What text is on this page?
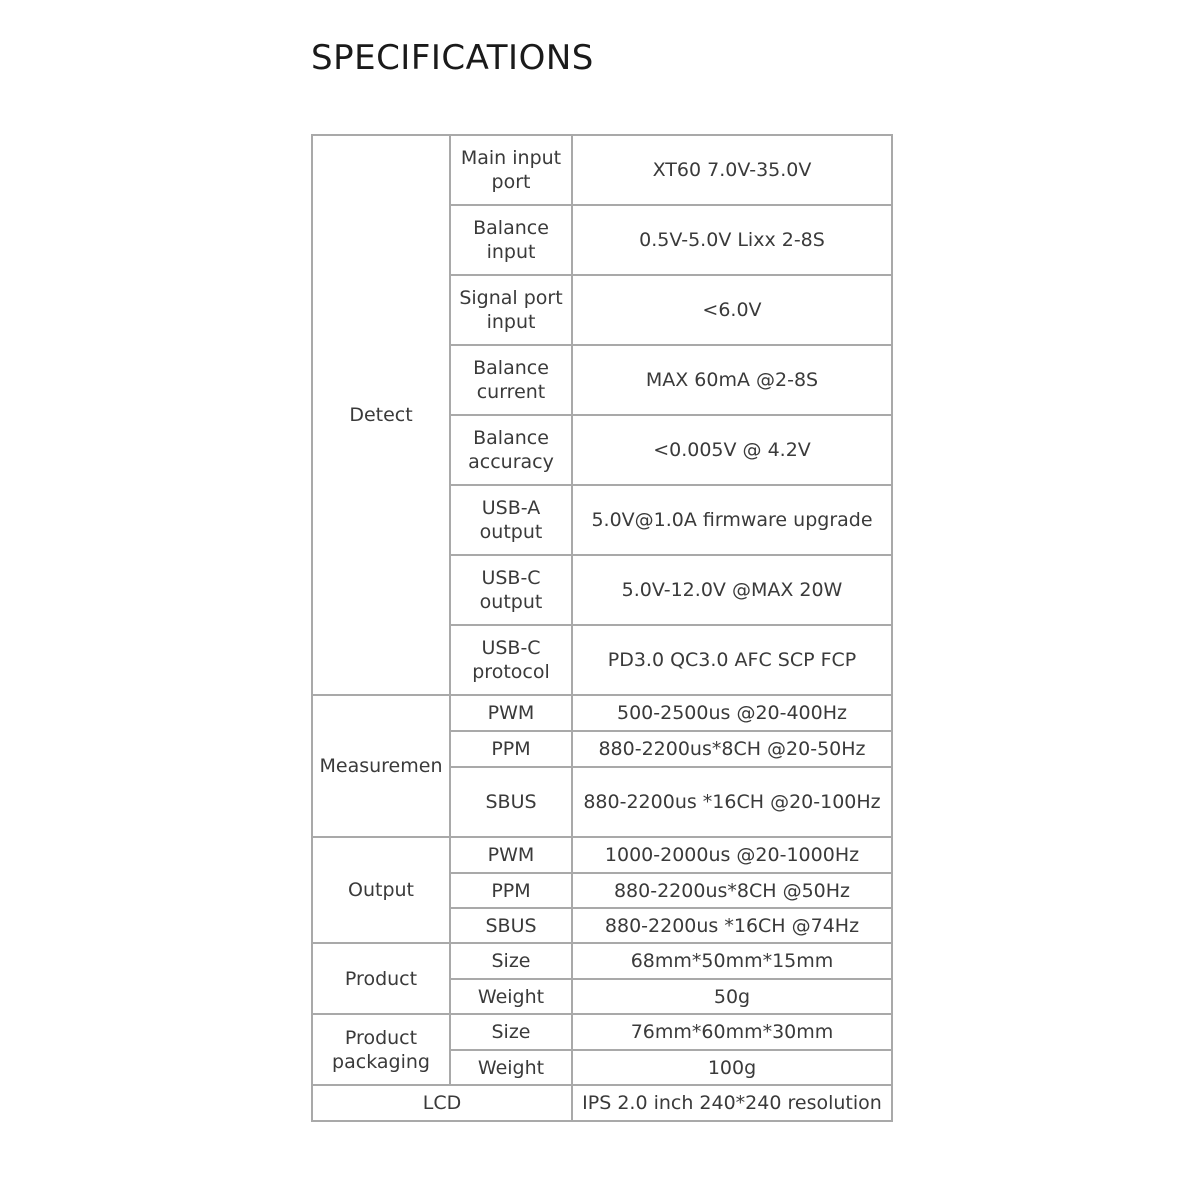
SPECIFICATIONS
Detect	Main input port	XT60 7.0V-35.0V
	Balance input	0.5V-5.0V Lixx 2-8S
	Signal port input	<6.0V
	Balance current	MAX 60mA @2-8S
	Balance accuracy	<0.005V @ 4.2V
	USB-A output	5.0V@1.0A firmware upgrade
	USB-C output	5.0V-12.0V @MAX 20W
	USB-C protocol	PD3.0 QC3.0 AFC SCP FCP
Measuremen	PWM	500-2500us @20-400Hz
	PPM	880-2200us*8CH @20-50Hz
	SBUS	880-2200us *16CH @20-100Hz
Output	PWM	1000-2000us @20-1000Hz
	PPM	880-2200us*8CH @50Hz
	SBUS	880-2200us *16CH @74Hz
Product	Size	68mm*50mm*15mm
	Weight	50g
Product packaging	Size	76mm*60mm*30mm
	Weight	100g
LCD		IPS 2.0 inch 240*240 resolution
